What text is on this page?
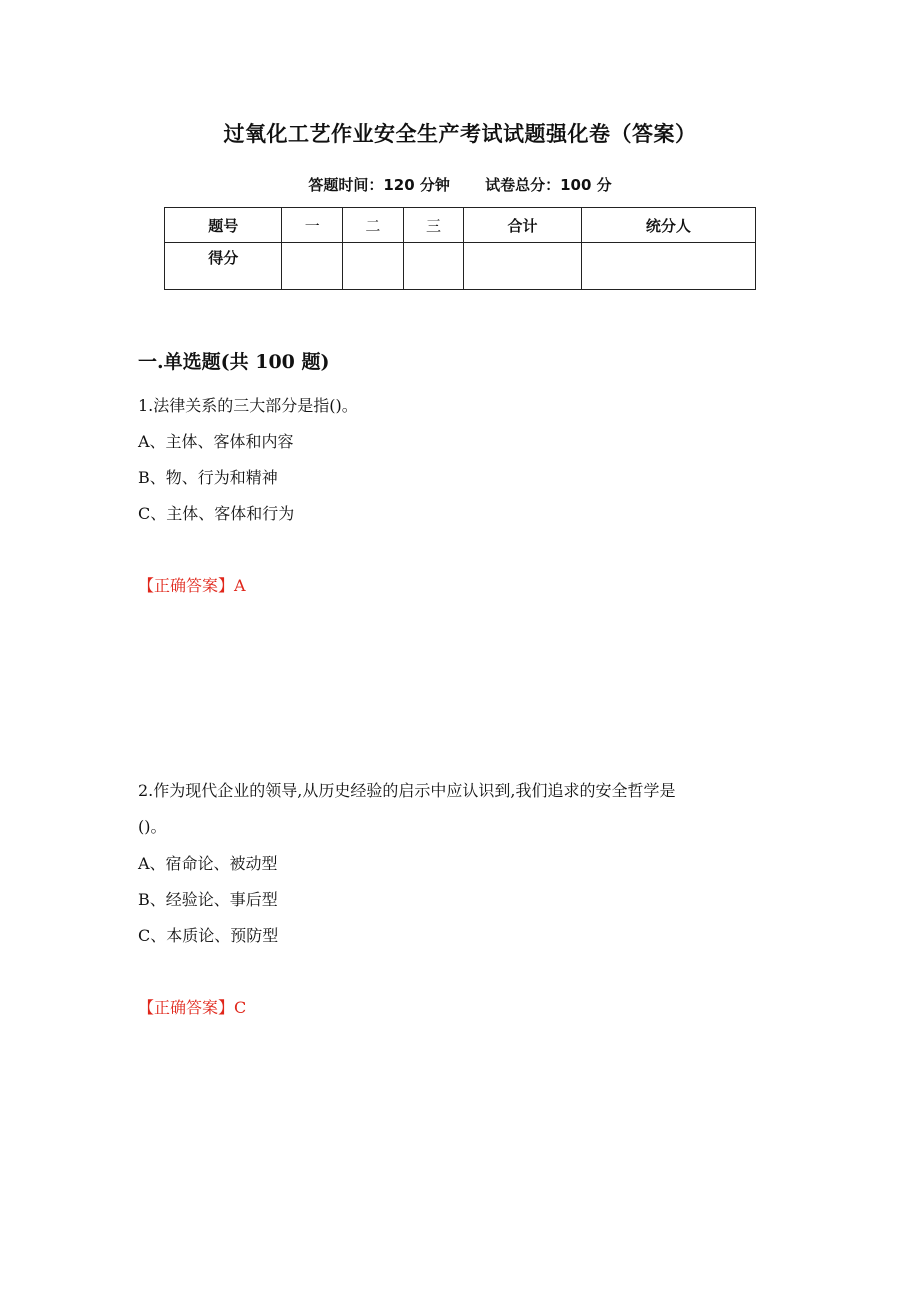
过氧化工艺作业安全生产考试试题强化卷（答案）
答题时间：120 分钟 试卷总分：100 分
题号	一	二	三	合计	统分人
得分					
一.单选题(共 100 题)
1.法律关系的三大部分是指()。
A、主体、客体和内容
B、物、行为和精神
C、主体、客体和行为
【正确答案】A
2.作为现代企业的领导,从历史经验的启示中应认识到,我们追求的安全哲学是
()。
A、宿命论、被动型
B、经验论、事后型
C、本质论、预防型
【正确答案】C
